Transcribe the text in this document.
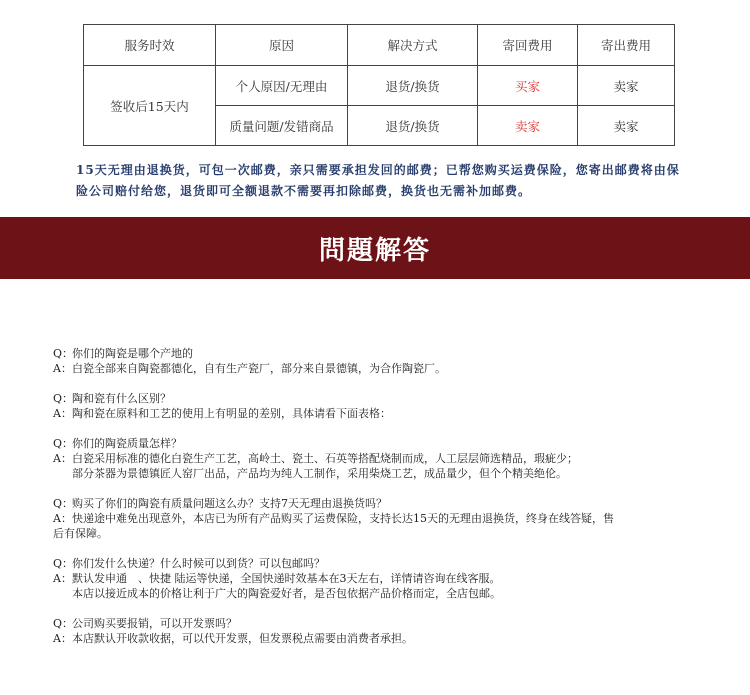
服务时效	原因	解决方式	寄回费用	寄出费用
签收后15天内	个人原因/无理由	退货/换货	买家	卖家
	质量问题/发错商品	退货/换货	卖家	卖家
15天无理由退换货，可包一次邮费，亲只需要承担发回的邮费；已帮您购买运费保险，您寄出邮费将由保险公司赔付给您，退货即可全额退款不需要再扣除邮费，换货也无需补加邮费。
問題解答
Q：
你们的陶瓷是哪个产地的
A： 白瓷全部来自陶瓷都德化，自有生产瓷厂，部分来自景德镇，为合作陶瓷厂。
Q：
陶和瓷有什么区别？
A： 陶和瓷在原料和工艺的使用上有明显的差别，具体请看下面表格：
Q：
你们的陶瓷质量怎样？
A： 白瓷采用标准的德化白瓷生产工艺，高岭土、瓷土、石英等搭配烧制而成，人工层层筛选精品，瑕疵少；
部分茶器为景德镇匠人窑厂出品，产品均为纯人工制作，采用柴烧工艺，成品量少，但个个精美绝伦。
Q：
购买了你们的陶瓷有质量问题这么办？支持7天无理由退换货吗？
A： 快递途中难免出现意外，本店已为所有产品购买了运费保险，支持长达15天的无理由退换货，终身在线答疑，售
后有保障。
Q：
你们发什么快递？什么时候可以到货？可以包邮吗？
A： 默认发申通　、快捷 陆运等快递，全国快递时效基本在3天左右，详情请咨询在线客服。
本店以接近成本的价格让利于广大的陶瓷爱好者，是否包依据产品价格而定，全店包邮。
Q：
公司购买要报销，可以开发票吗？
A： 本店默认开收款收据，可以代开发票，但发票税点需要由消费者承担。
